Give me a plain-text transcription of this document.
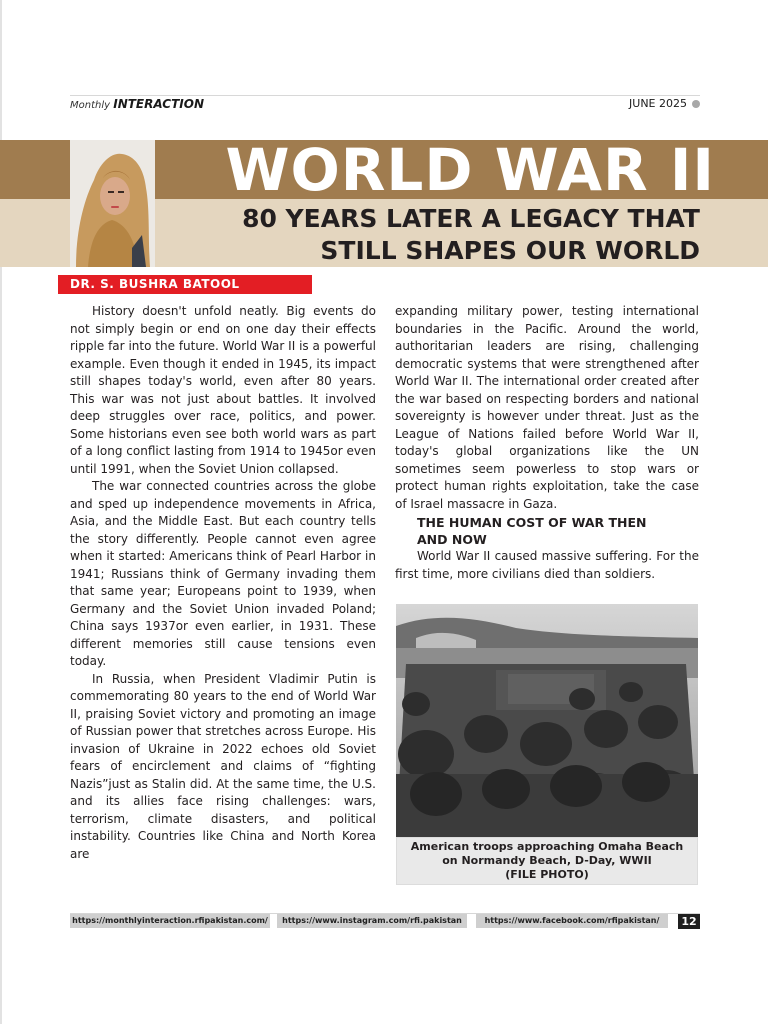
Monthly INTERACTION	JUNE 2025
WORLD WAR II
80 YEARS LATER A LEGACY THAT
STILL SHAPES OUR WORLD
DR. S. BUSHRA BATOOL

History doesn't unfold neatly. Big events do not simply begin or end on one day their effects ripple far into the future. World War II is a powerful example. Even though it ended in 1945, its impact still shapes today's world, even after 80 years. This war was not just about battles. It involved deep struggles over race, politics, and power. Some historians even see both world wars as part of a long conflict lasting from 1914 to 1945or even until 1991, when the Soviet Union collapsed.

The war connected countries across the globe and sped up independence movements in Africa, Asia, and the Middle East. But each country tells the story differently. People cannot even agree when it started: Americans think of Pearl Harbor in 1941; Russians think of Germany invading them that same year; Europeans point to 1939, when Germany and the Soviet Union invaded Poland; China says 1937or even earlier, in 1931. These different memories still cause tensions even today.

In Russia, when President Vladimir Putin is commemorating 80 years to the end of World War II, praising Soviet victory and promoting an image of Russian power that stretches across Europe. His invasion of Ukraine in 2022 echoes old Soviet fears of encirclement and claims of “fighting Nazis”just as Stalin did. At the same time, the U.S. and its allies face rising challenges: wars, terrorism, climate disasters, and political instability. Countries like China and North Korea are

expanding military power, testing international boundaries in the Pacific. Around the world, authoritarian leaders are rising, challenging democratic systems that were strengthened after World War II. The international order created after the war based on respecting borders and national sovereignty is however under threat. Just as the League of Nations failed before World War II, today's global organizations like the UN sometimes seem powerless to stop wars or protect human rights exploitation, take the case of Israel massacre in Gaza.

THE HUMAN COST OF WAR THEN
AND NOW

World War II caused massive suffering. For the first time, more civilians died than soldiers.

American troops approaching Omaha Beach
on Normandy Beach, D-Day, WWII
(FILE PHOTO)
https://monthlyinteraction.rfipakistan.com/	https://www.instagram.com/rfi.pakistan	https://www.facebook.com/rfipakistan/	12
